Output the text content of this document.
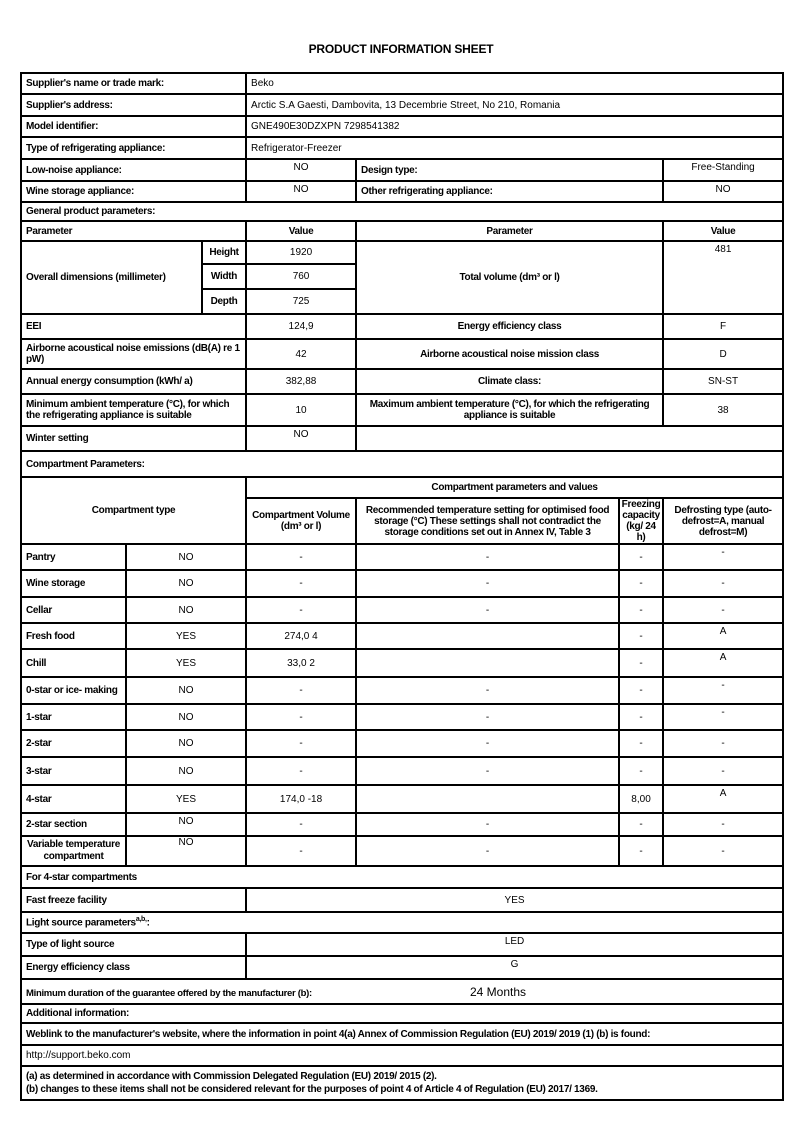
PRODUCT INFORMATION SHEET
Supplier's name or trade mark:			Beko			
Supplier's address:			Arctic S.A Gaesti, Dambovita, 13 Decembrie Street, No 210, Romania			
Model identifier:			GNE490E30DZXPN 7298541382			
Type of refrigerating appliance:			Refrigerator-Freezer			
Low-noise appliance:			NO	Design type:		Free-Standing
Wine storage appliance:			NO	Other refrigerating appliance:		NO
General product parameters:						
Parameter			Value	Parameter		Value
Overall dimensions (millimeter)		Height	1920	Total volume (dm³ or l)		481
		Width	760			
		Depth	725			
EEI			124,9	Energy efficiency class		F
Airborne acoustical noise emissions (dB(A) re 1 pW)			42	Airborne acoustical noise mission class		D
Annual energy consumption (kWh/ a)			382,88	Climate class:		SN-ST
Minimum ambient temperature (°C), for which the refrigerating appliance is suitable			10	Maximum ambient temperature (°C), for which the refrigerating appliance is suitable		38
Winter setting			NO			
Compartment Parameters:						
Compartment type			Compartment parameters and values			
			Compartment Volume (dm³ or l)	Recommended temperature setting for optimised food storage (°C) These settings shall not contradict the storage conditions set out in Annex IV, Table 3	Freezing capacity (kg/ 24 h)	Defrosting type (auto-defrost=A, manual defrost=M)
Pantry	NO		-	-	-	-
Wine storage	NO		-	-	-	-
Cellar	NO		-	-	-	-
Fresh food	YES		274,0 4		-	A
Chill	YES		33,0 2		-	A
0-star or ice- making	NO		-	-	-	-
1-star	NO		-	-	-	-
2-star	NO		-	-	-	-
3-star	NO		-	-	-	-
4-star	YES		174,0 -18		8,00	A
2-star section	NO		-	-	-	-
Variable temperature compartment	NO		-	-	-	-
For 4-star compartments						
Fast freeze facility			YES			
Light source parameters$^{a,b,}$:						
Type of light source			LED			
Energy efficiency class			G			
Minimum duration of the guarantee offered by the manufacturer (b): 24 Months						
Additional information:						
Weblink to the manufacturer's website, where the information in point 4(a) Annex of Commission Regulation (EU) 2019/ 2019 (1) (b) is found:						
http://support.beko.com						

(a) as determined in accordance with Commission Delegated Regulation (EU) 2019/ 2015 (2).
(b) changes to these items shall not be considered relevant for the purposes of point 4 of Article 4 of Regulation (EU) 2017/ 1369.						
